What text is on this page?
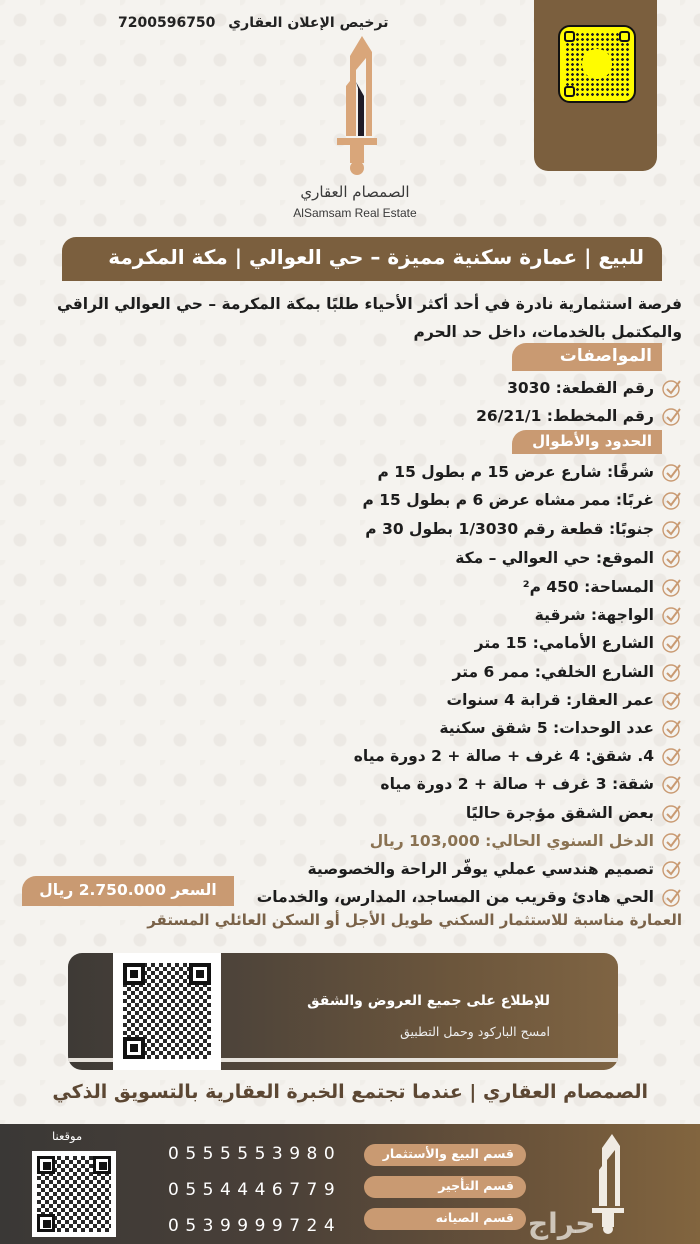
ترخيص الإعلان العقاري 7200596750
الصمصام العقاري
AlSamsam Real Estate
للبيع | عمارة سكنية مميزة – حي العوالي | مكة المكرمة
فرصة استثمارية نادرة في أحد أكثر الأحياء طلبًا بمكة المكرمة – حي العوالي الراقي والمكتمل بالخدمات، داخل حد الحرم
المواصفات
رقم القطعة: 3030
رقم المخطط: 26/21/1
الحدود والأطوال
شرقًا: شارع عرض 15 م بطول 15 م
غربًا: ممر مشاه عرض 6 م بطول 15 م
جنوبًا: قطعة رقم 1/3030 بطول 30 م
الموقع: حي العوالي – مكة
المساحة: 450 م²
الواجهة: شرقية
الشارع الأمامي: 15 متر
الشارع الخلفي: ممر 6 متر
عمر العقار: قرابة 4 سنوات
عدد الوحدات: 5 شقق سكنية
4. شقق: 4 غرف + صالة + 2 دورة مياه
شقة: 3 غرف + صالة + 2 دورة مياه
بعض الشقق مؤجرة حاليًا
الدخل السنوي الحالي: 103,000 ريال
تصميم هندسي عملي يوفّر الراحة والخصوصية
الحي هادئ وقريب من المساجد، المدارس، والخدمات
السعر 2.750.000 ريال
العمارة مناسبة للاستثمار السكني طويل الأجل أو السكن العائلي المستقر
للإطلاع على جميع العروض والشقق
امسح الباركود وحمل التطبيق
الصمصام العقاري | عندما تجتمع الخبرة العقارية بالتسويق الذكي
موقعنا
0555553980
0554446779
0539999724
قسم البيع والأستثمار
قسم التأجير
قسم الصيانه حراج
